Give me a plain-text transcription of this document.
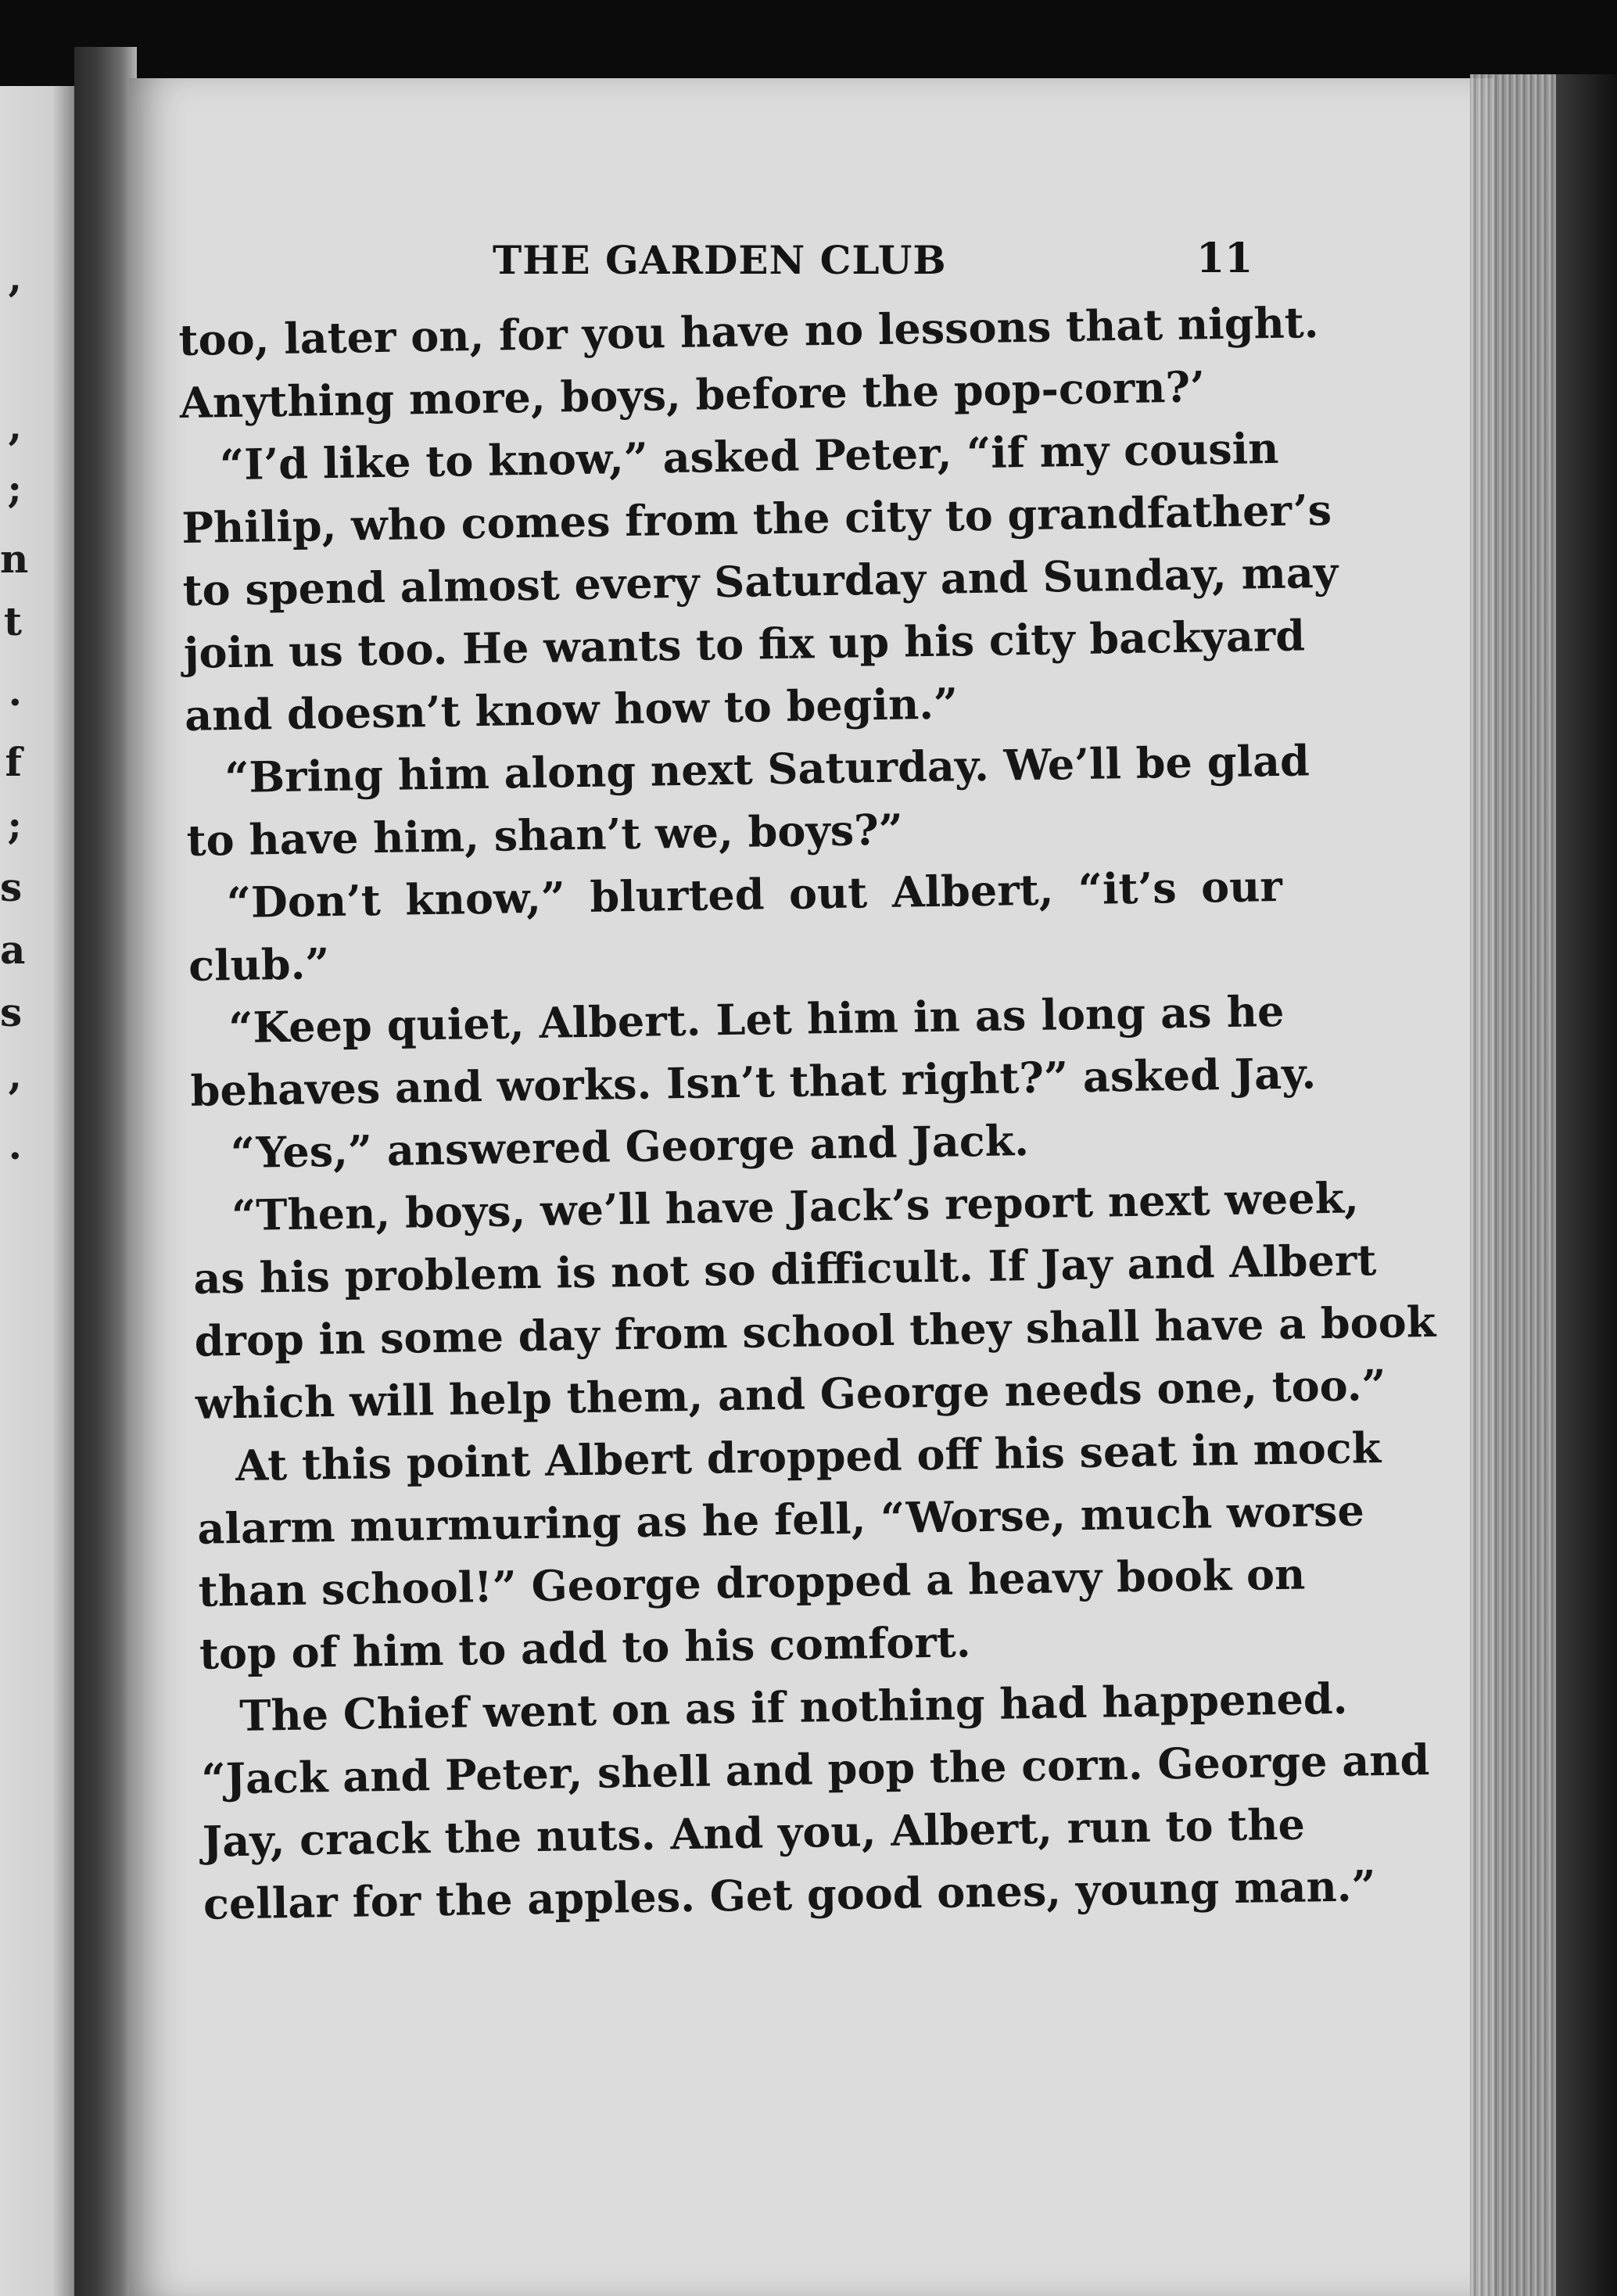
,
,
;
n
t
.
f
;
s
a
s
,
.
THE GARDEN CLUB	11
too, later on, for you have no lessons that night.
Anything more, boys, before the pop-corn?’
“I’d like to know,” asked Peter, “if my cousin
Philip, who comes from the city to grandfather’s
to spend almost every Saturday and Sunday, may
join us too. He wants to fix up his city backyard
and doesn’t know how to begin.”
“Bring him along next Saturday. We’ll be glad
to have him, shan’t we, boys?”
“Don’t know,” blurted out Albert, “it’s our
club.”
“Keep quiet, Albert. Let him in as long as he
behaves and works. Isn’t that right?” asked Jay.
“Yes,” answered George and Jack.
“Then, boys, we’ll have Jack’s report next week,
as his problem is not so difficult. If Jay and Albert
drop in some day from school they shall have a book
which will help them, and George needs one, too.”
At this point Albert dropped off his seat in mock
alarm murmuring as he fell, “Worse, much worse
than school!” George dropped a heavy book on
top of him to add to his comfort.
The Chief went on as if nothing had happened.
“Jack and Peter, shell and pop the corn. George and
Jay, crack the nuts. And you, Albert, run to the
cellar for the apples. Get good ones, young man.”
